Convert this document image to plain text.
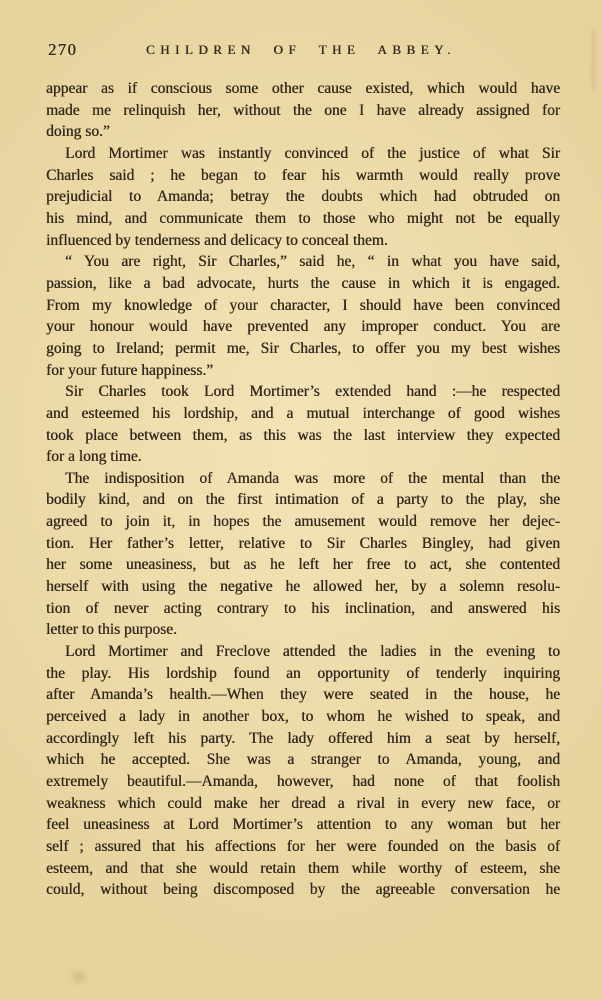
270	CHILDREN OF THE ABBEY.
appear as if conscious some other cause existed, which would have
made me relinquish her, without the one I have already assigned for
doing so.”
Lord Mortimer was instantly convinced of the justice of what Sir
Charles said ; he began to fear his warmth would really prove
prejudicial to Amanda; betray the doubts which had obtruded on
his mind, and communicate them to those who might not be equally
influenced by tenderness and delicacy to conceal them.
“ You are right, Sir Charles,” said he, “ in what you have said,
passion, like a bad advocate, hurts the cause in which it is engaged.
From my knowledge of your character, I should have been convinced
your honour would have prevented any improper conduct. You are
going to Ireland; permit me, Sir Charles, to offer you my best wishes
for your future happiness.”
Sir Charles took Lord Mortimer’s extended hand :—he respected
and esteemed his lordship, and a mutual interchange of good wishes
took place between them, as this was the last interview they expected
for a long time.
The indisposition of Amanda was more of the mental than the
bodily kind, and on the first intimation of a party to the play, she
agreed to join it, in hopes the amusement would remove her dejec-
tion. Her father’s letter, relative to Sir Charles Bingley, had given
her some uneasiness, but as he left her free to act, she contented
herself with using the negative he allowed her, by a solemn resolu-
tion of never acting contrary to his inclination, and answered his
letter to this purpose.
Lord Mortimer and Freclove attended the ladies in the evening to
the play. His lordship found an opportunity of tenderly inquiring
after Amanda’s health.—When they were seated in the house, he
perceived a lady in another box, to whom he wished to speak, and
accordingly left his party. The lady offered him a seat by herself,
which he accepted. She was a stranger to Amanda, young, and
extremely beautiful.—Amanda, however, had none of that foolish
weakness which could make her dread a rival in every new face, or
feel uneasiness at Lord Mortimer’s attention to any woman but her
self ; assured that his affections for her were founded on the basis of
esteem, and that she would retain them while worthy of esteem, she
could, without being discomposed by the agreeable conversation he
